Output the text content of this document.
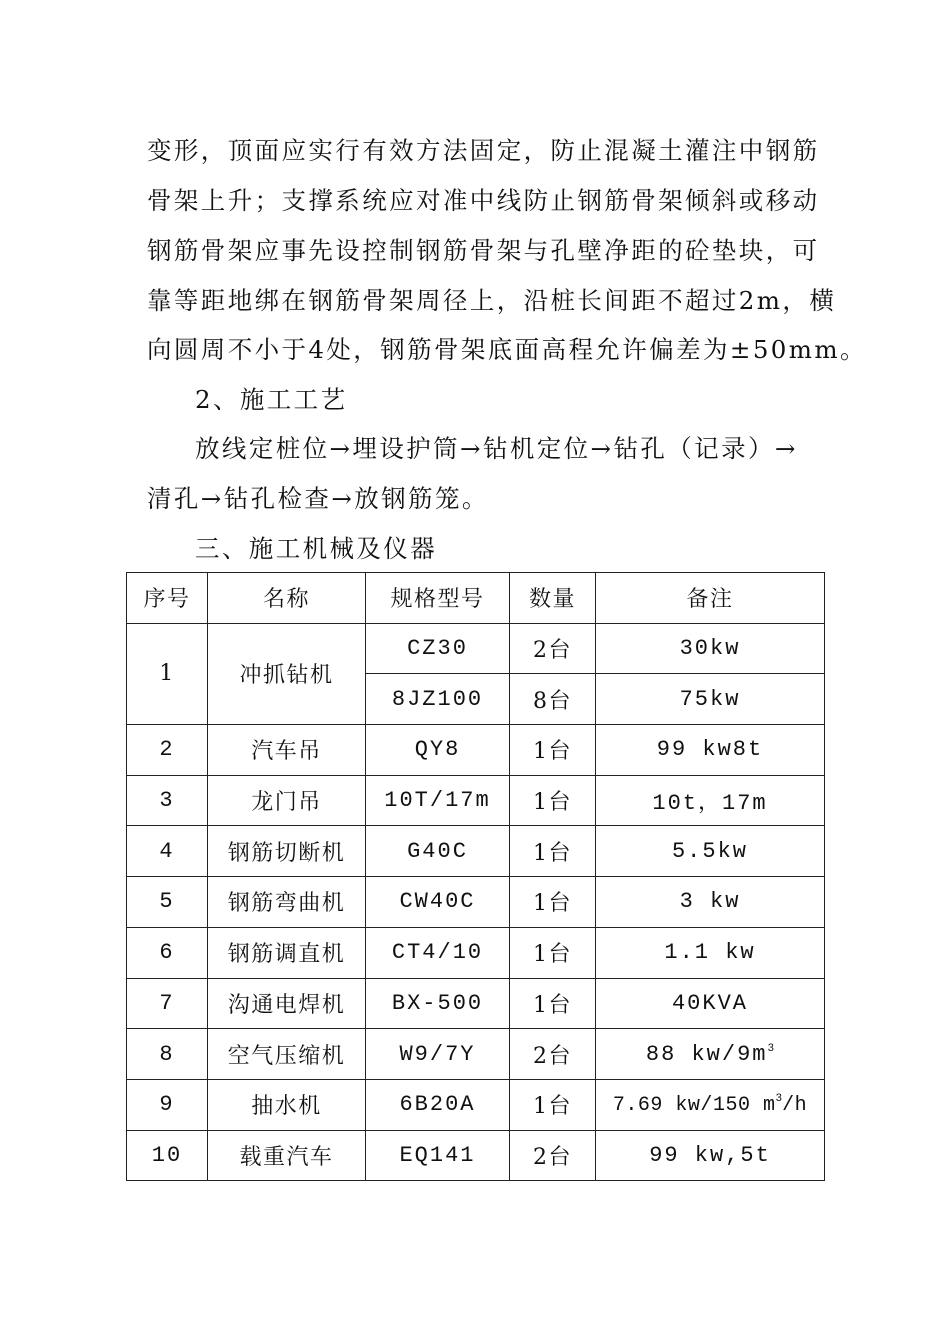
变形，顶面应实行有效方法固定，防止混凝土灌注中钢筋
骨架上升；支撑系统应对准中线防止钢筋骨架倾斜或移动
钢筋骨架应事先设控制钢筋骨架与孔壁净距的砼垫块，可
靠等距地绑在钢筋骨架周径上，沿桩长间距不超过2m，横
向圆周不小于4处，钢筋骨架底面高程允许偏差为±50mm。
2、施工工艺
放线定桩位→埋设护筒→钻机定位→钻孔（记录）→
清孔→钻孔检查→放钢筋笼。
三、施工机械及仪器
序号	名称	规格型号	数量	备注
1	冲抓钻机	CZ30	2台	30kw
		8JZ100	8台	75kw
2	汽车吊	QY8	1台	99 kw8t
3	龙门吊	10T/17m	1台	10t，17m
4	钢筋切断机	G40C	1台	5.5kw
5	钢筋弯曲机	CW40C	1台	3 kw
6	钢筋调直机	CT4/10	1台	1.1 kw
7	沟通电焊机	BX-500	1台	40KVA
8	空气压缩机	W9/7Y	2台	88 $kw/9m^3$
9	抽水机	6B20A	1台	7.69 kw/150 $m^3/h$
10	载重汽车	EQ141	2台	99 kw,5t
